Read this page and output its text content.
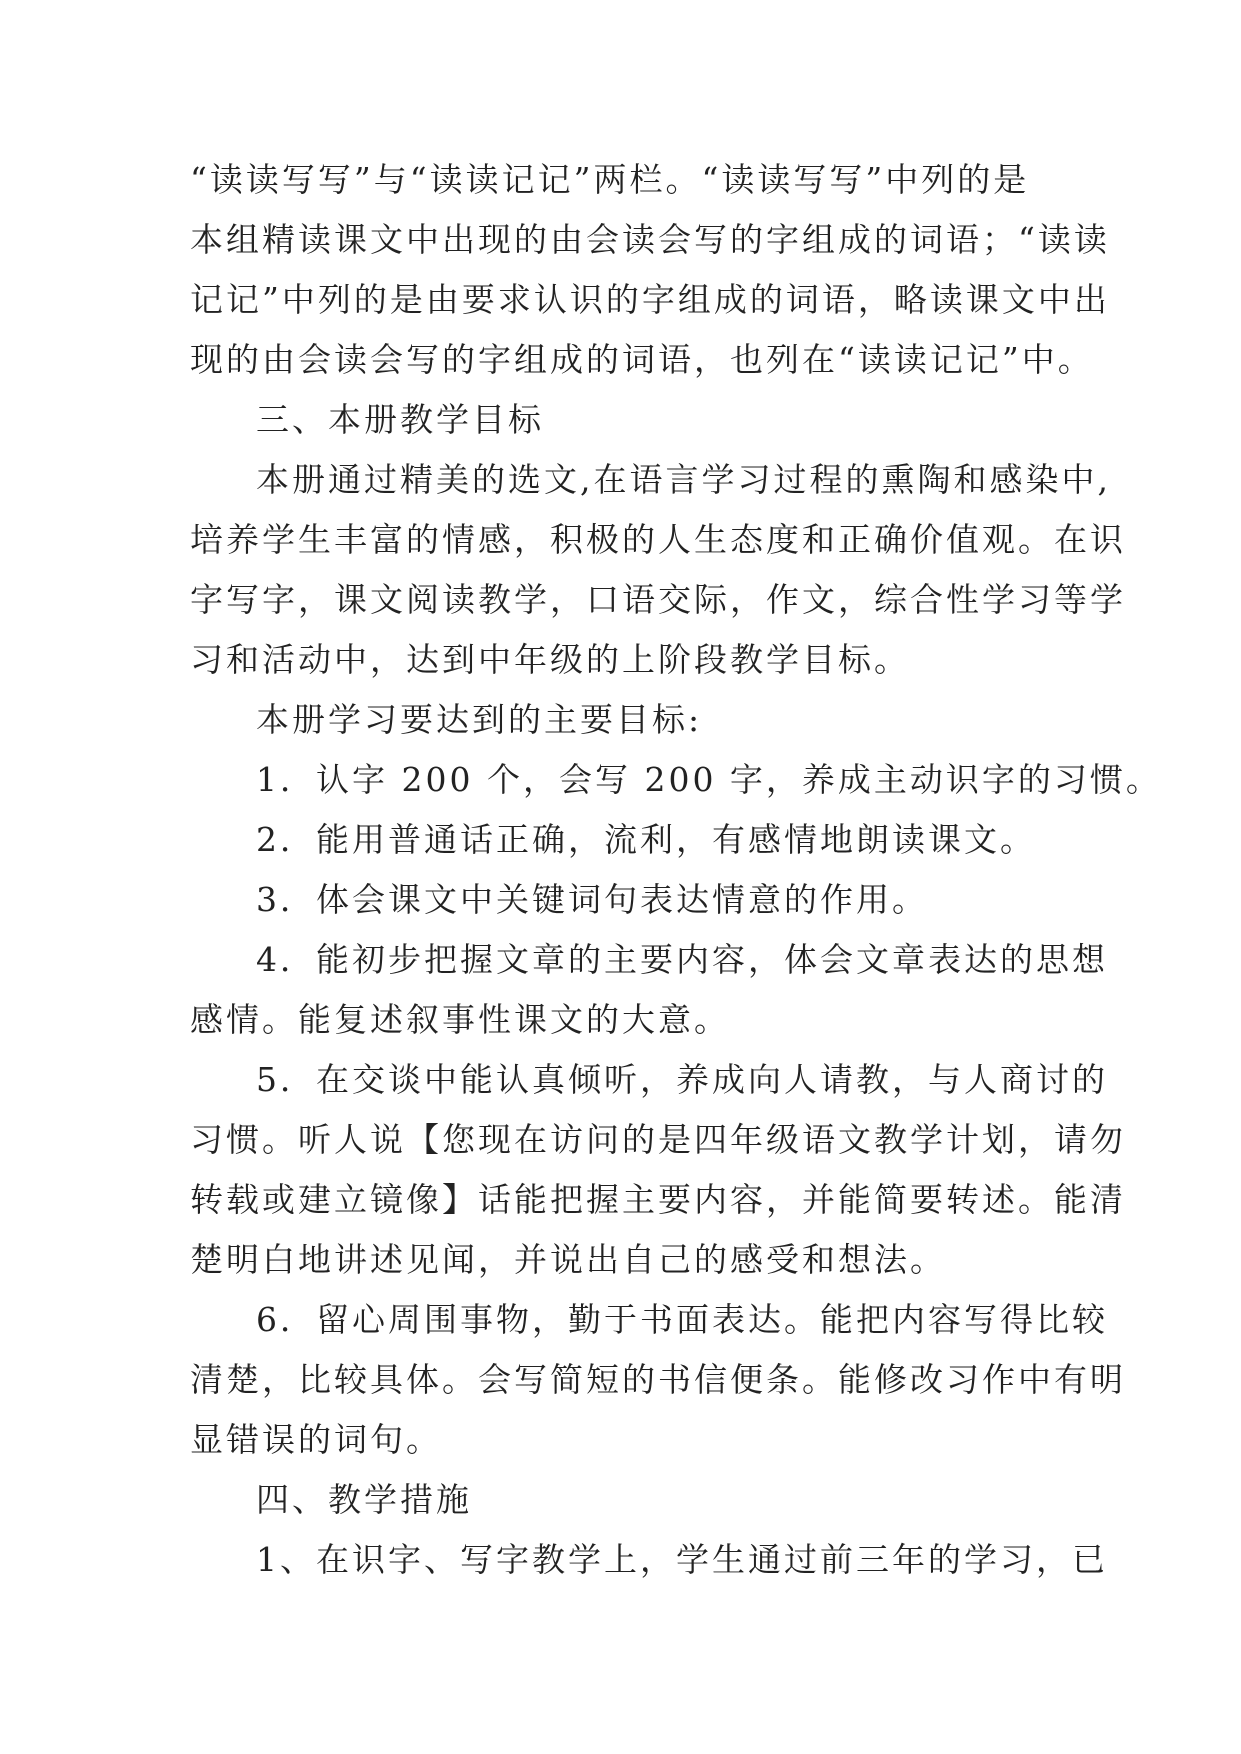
“读读写写”与“读读记记”两栏。“读读写写”中列的是
本组精读课文中出现的由会读会写的字组成的词语；“读读
记记”中列的是由要求认识的字组成的词语，略读课文中出
现的由会读会写的字组成的词语，也列在“读读记记”中。
三、本册教学目标
本册通过精美的选文,在语言学习过程的熏陶和感染中,
培养学生丰富的情感，积极的人生态度和正确价值观。在识
字写字，课文阅读教学，口语交际，作文，综合性学习等学
习和活动中，达到中年级的上阶段教学目标。
本册学习要达到的主要目标:
1．认字 200 个，会写 200 字，养成主动识字的习惯。
2．能用普通话正确，流利，有感情地朗读课文。
3．体会课文中关键词句表达情意的作用。
4．能初步把握文章的主要内容，体会文章表达的思想
感情。能复述叙事性课文的大意。
5．在交谈中能认真倾听，养成向人请教，与人商讨的
习惯。听人说【您现在访问的是四年级语文教学计划，请勿
转载或建立镜像】话能把握主要内容，并能简要转述。能清
楚明白地讲述见闻，并说出自己的感受和想法。
6．留心周围事物，勤于书面表达。能把内容写得比较
清楚，比较具体。会写简短的书信便条。能修改习作中有明
显错误的词句。
四、教学措施
1、在识字、写字教学上，学生通过前三年的学习，已
